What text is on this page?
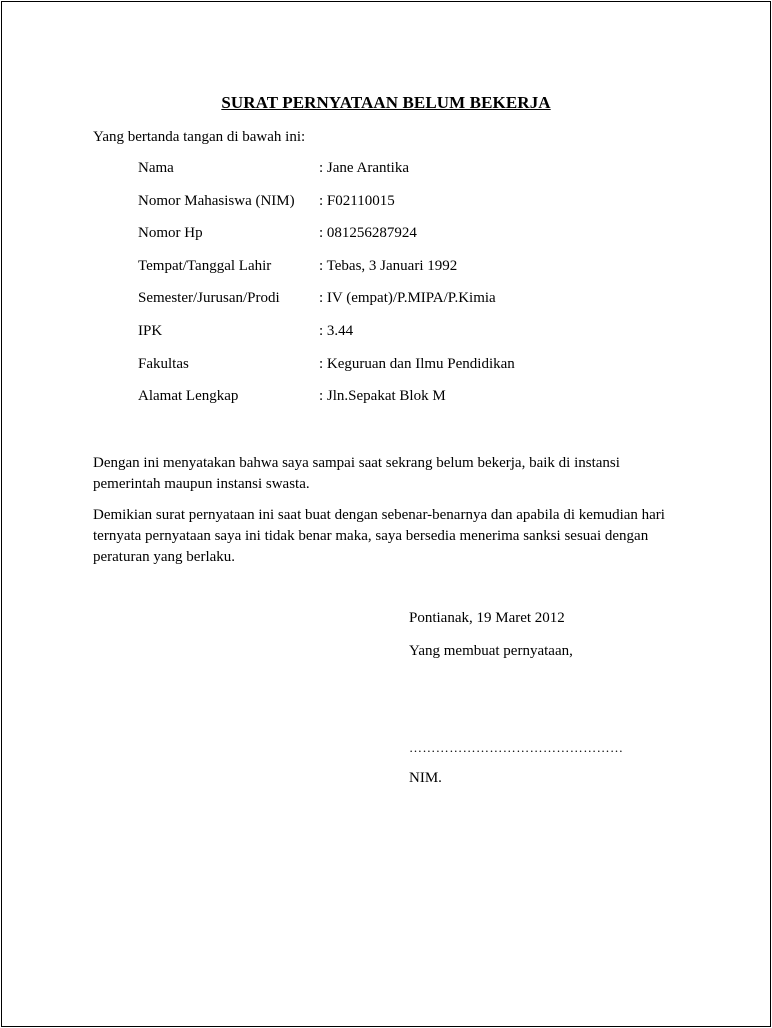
SURAT PERNYATAAN BELUM BEKERJA
Yang bertanda tangan di bawah ini:
Nama	: Jane Arantika
Nomor Mahasiswa (NIM) : F02110015
Nomor Hp	: 081256287924
Tempat/Tanggal Lahir	: Tebas, 3 Januari 1992
Semester/Jurusan/Prodi	: IV (empat)/P.MIPA/P.Kimia
IPK	: 3.44
Fakultas	: Keguruan dan Ilmu Pendidikan
Alamat Lengkap	: Jln.Sepakat Blok M
Dengan ini menyatakan bahwa saya sampai saat sekrang belum bekerja, baik di instansi pemerintah maupun instansi swasta.
Demikian surat pernyataan ini saat buat dengan sebenar-benarnya dan apabila di kemudian hari ternyata pernyataan saya ini tidak benar maka, saya bersedia menerima sanksi sesuai dengan peraturan yang berlaku.
Pontianak, 19 Maret 2012
Yang membuat pernyataan,
…………………………………………
NIM.
